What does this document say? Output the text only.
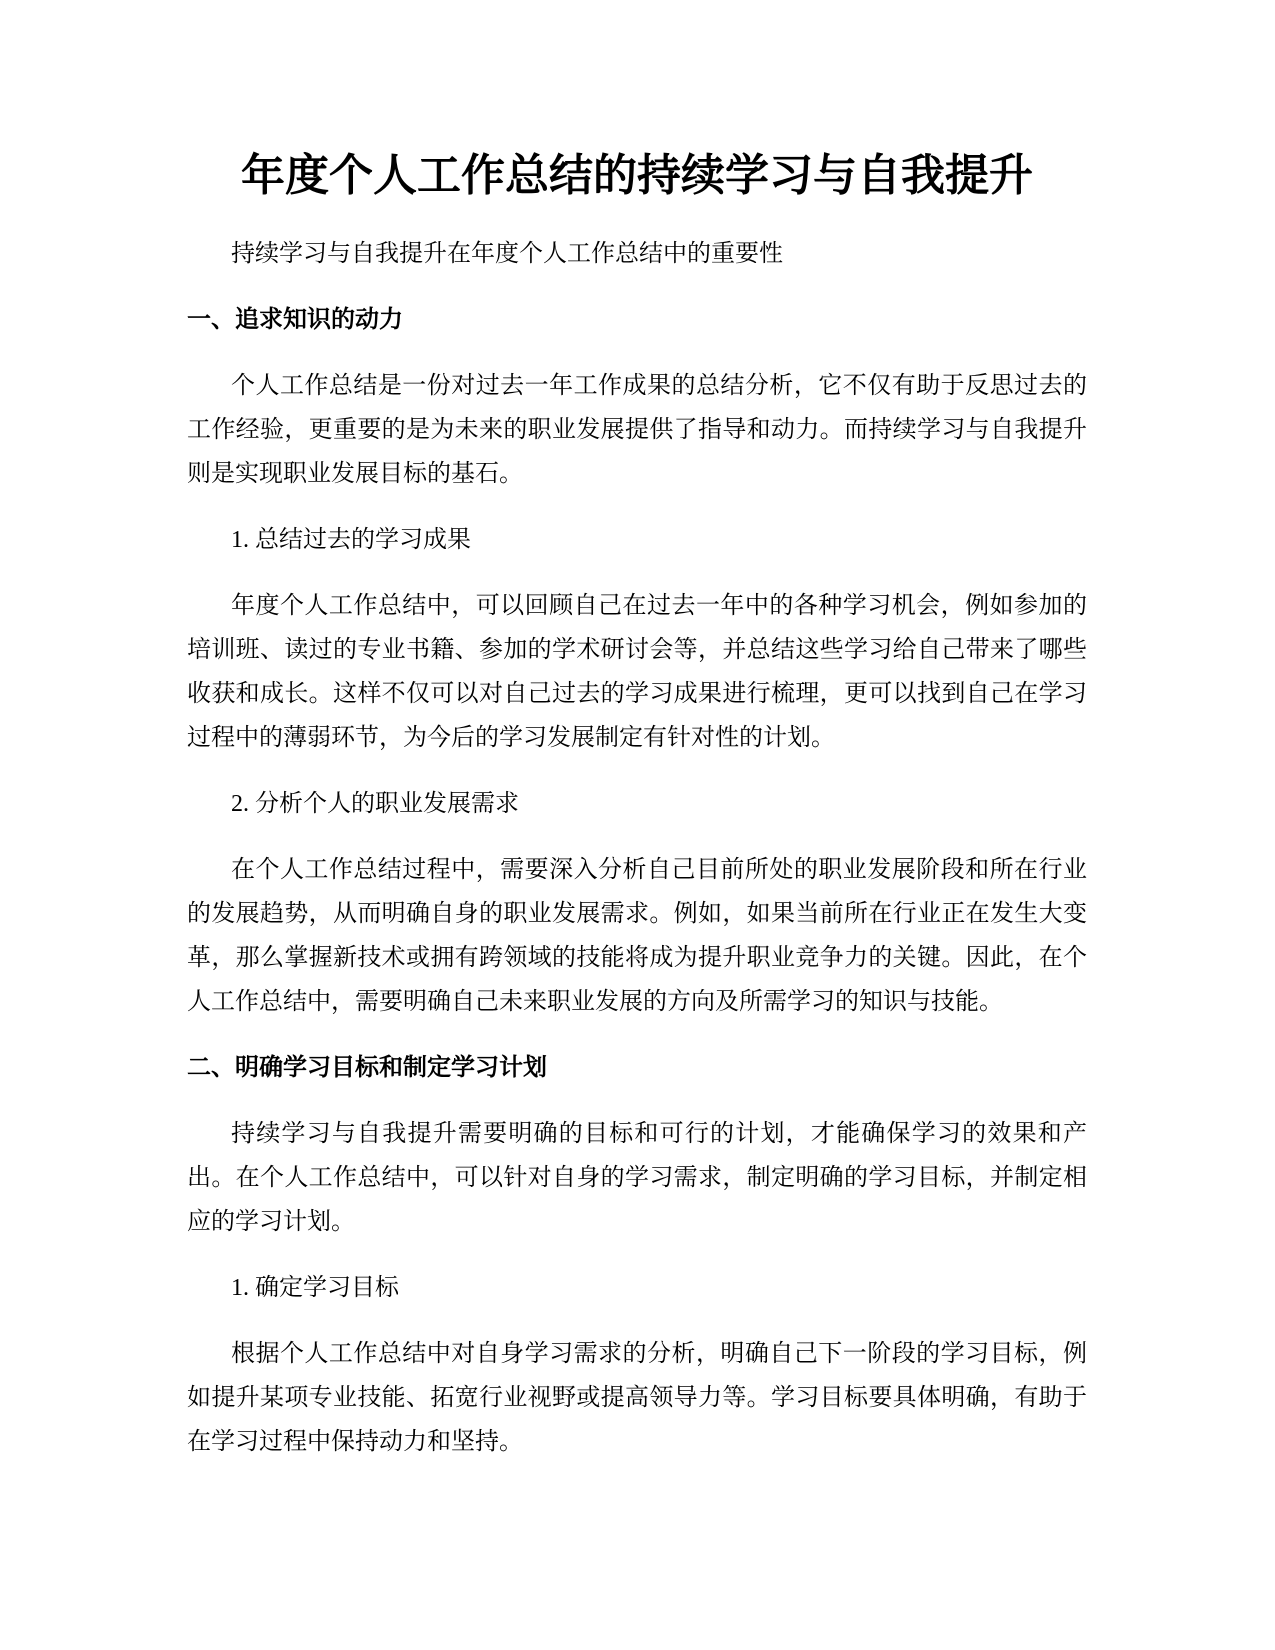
年度个人工作总结的持续学习与自我提升

持续学习与自我提升在年度个人工作总结中的重要性

一、追求知识的动力

个人工作总结是一份对过去一年工作成果的总结分析，它不仅有助于反思过去的工作经验，更重要的是为未来的职业发展提供了指导和动力。而持续学习与自我提升则是实现职业发展目标的基石。

1. 总结过去的学习成果

年度个人工作总结中，可以回顾自己在过去一年中的各种学习机会，例如参加的培训班、读过的专业书籍、参加的学术研讨会等，并总结这些学习给自己带来了哪些收获和成长。这样不仅可以对自己过去的学习成果进行梳理，更可以找到自己在学习过程中的薄弱环节，为今后的学习发展制定有针对性的计划。

2. 分析个人的职业发展需求

在个人工作总结过程中，需要深入分析自己目前所处的职业发展阶段和所在行业的发展趋势，从而明确自身的职业发展需求。例如，如果当前所在行业正在发生大变革，那么掌握新技术或拥有跨领域的技能将成为提升职业竞争力的关键。因此，在个人工作总结中，需要明确自己未来职业发展的方向及所需学习的知识与技能。

二、明确学习目标和制定学习计划

持续学习与自我提升需要明确的目标和可行的计划，才能确保学习的效果和产出。在个人工作总结中，可以针对自身的学习需求，制定明确的学习目标，并制定相应的学习计划。

1. 确定学习目标

根据个人工作总结中对自身学习需求的分析，明确自己下一阶段的学习目标，例如提升某项专业技能、拓宽行业视野或提高领导力等。学习目标要具体明确，有助于在学习过程中保持动力和坚持。
